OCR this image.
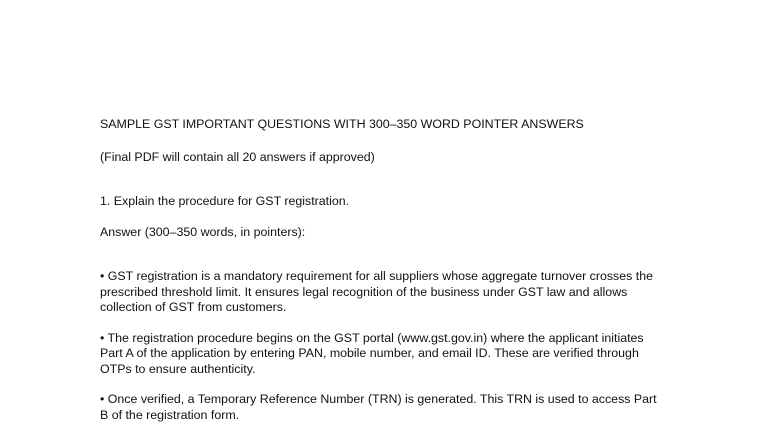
SAMPLE GST IMPORTANT QUESTIONS WITH 300–350 WORD POINTER ANSWERS
(Final PDF will contain all 20 answers if approved)
1. Explain the procedure for GST registration.
Answer (300–350 words, in pointers):
• GST registration is a mandatory requirement for all suppliers whose aggregate turnover crosses the
prescribed threshold limit. It ensures legal recognition of the business under GST law and allows
collection of GST from customers.
• The registration procedure begins on the GST portal (www.gst.gov.in) where the applicant initiates
Part A of the application by entering PAN, mobile number, and email ID. These are verified through
OTPs to ensure authenticity.
• Once verified, a Temporary Reference Number (TRN) is generated. This TRN is used to access Part
B of the registration form.
